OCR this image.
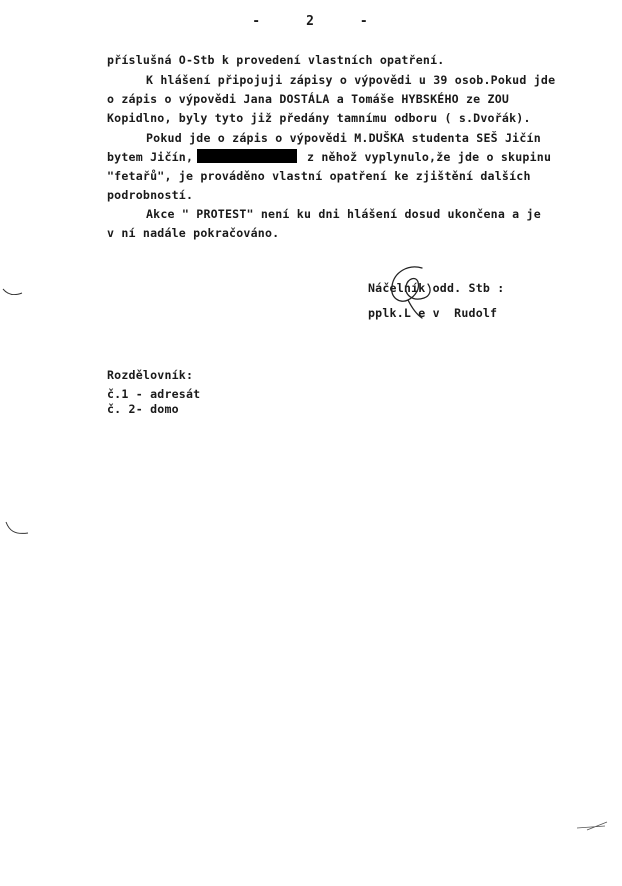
-	2	-
příslušná O-Stb k provedení vlastních opatření.
K hlášení připojuji zápisy o výpovědi u 39 osob.Pokud jde
o zápis o výpovědi Jana DOSTÁLA a Tomáše HYBSKÉHO ze ZOU
Kopidlno, byly tyto již předány tamnímu odboru ( s.Dvořák).
Pokud jde o zápis o výpovědi M.DUŠKA studenta SEŠ Jičín
bytem Jičín,	z něhož vyplynulo,že jde o skupinu
"fetařů", je prováděno vlastní opatření ke zjištění dalších
podrobností.
Akce " PROTEST" není ku dni hlášení dosud ukončena a je
v ní nadále pokračováno.
Náčelník odd. Stb :
pplk.L e v  Rudolf
Rozdělovník:
č.1 - adresát
č. 2- domo
